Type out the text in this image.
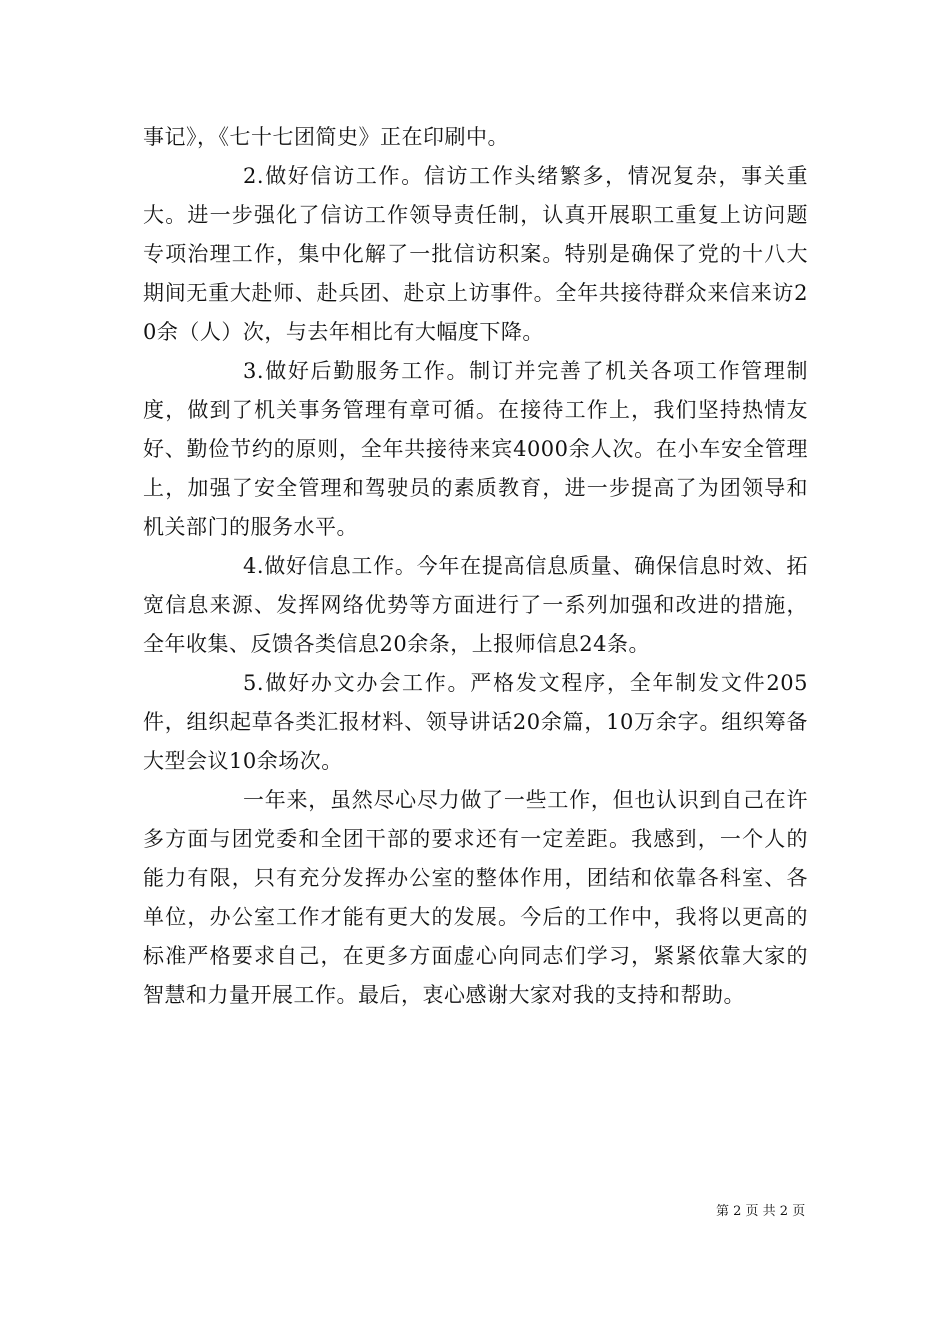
事记》，《七十七团简史》正在印刷中。

2.做好信访工作。信访工作头绪繁多，情况复杂，事关重大。进一步强化了信访工作领导责任制，认真开展职工重复上访问题专项治理工作，集中化解了一批信访积案。特别是确保了党的十八大期间无重大赴师、赴兵团、赴京上访事件。全年共接待群众来信来访20余（人）次，与去年相比有大幅度下降。

3.做好后勤服务工作。制订并完善了机关各项工作管理制度，做到了机关事务管理有章可循。在接待工作上，我们坚持热情友好、勤俭节约的原则，全年共接待来宾4000余人次。在小车安全管理上，加强了安全管理和驾驶员的素质教育，进一步提高了为团领导和机关部门的服务水平。

4.做好信息工作。今年在提高信息质量、确保信息时效、拓宽信息来源、发挥网络优势等方面进行了一系列加强和改进的措施，全年收集、反馈各类信息20余条，上报师信息24条。

5.做好办文办会工作。严格发文程序，全年制发文件205件，组织起草各类汇报材料、领导讲话20余篇，10万余字。组织筹备大型会议10余场次。

一年来，虽然尽心尽力做了一些工作，但也认识到自己在许多方面与团党委和全团干部的要求还有一定差距。我感到，一个人的能力有限，只有充分发挥办公室的整体作用，团结和依靠各科室、各单位，办公室工作才能有更大的发展。今后的工作中，我将以更高的标准严格要求自己，在更多方面虚心向同志们学习，紧紧依靠大家的智慧和力量开展工作。最后，衷心感谢大家对我的支持和帮助。

第 2 页 共 2 页
